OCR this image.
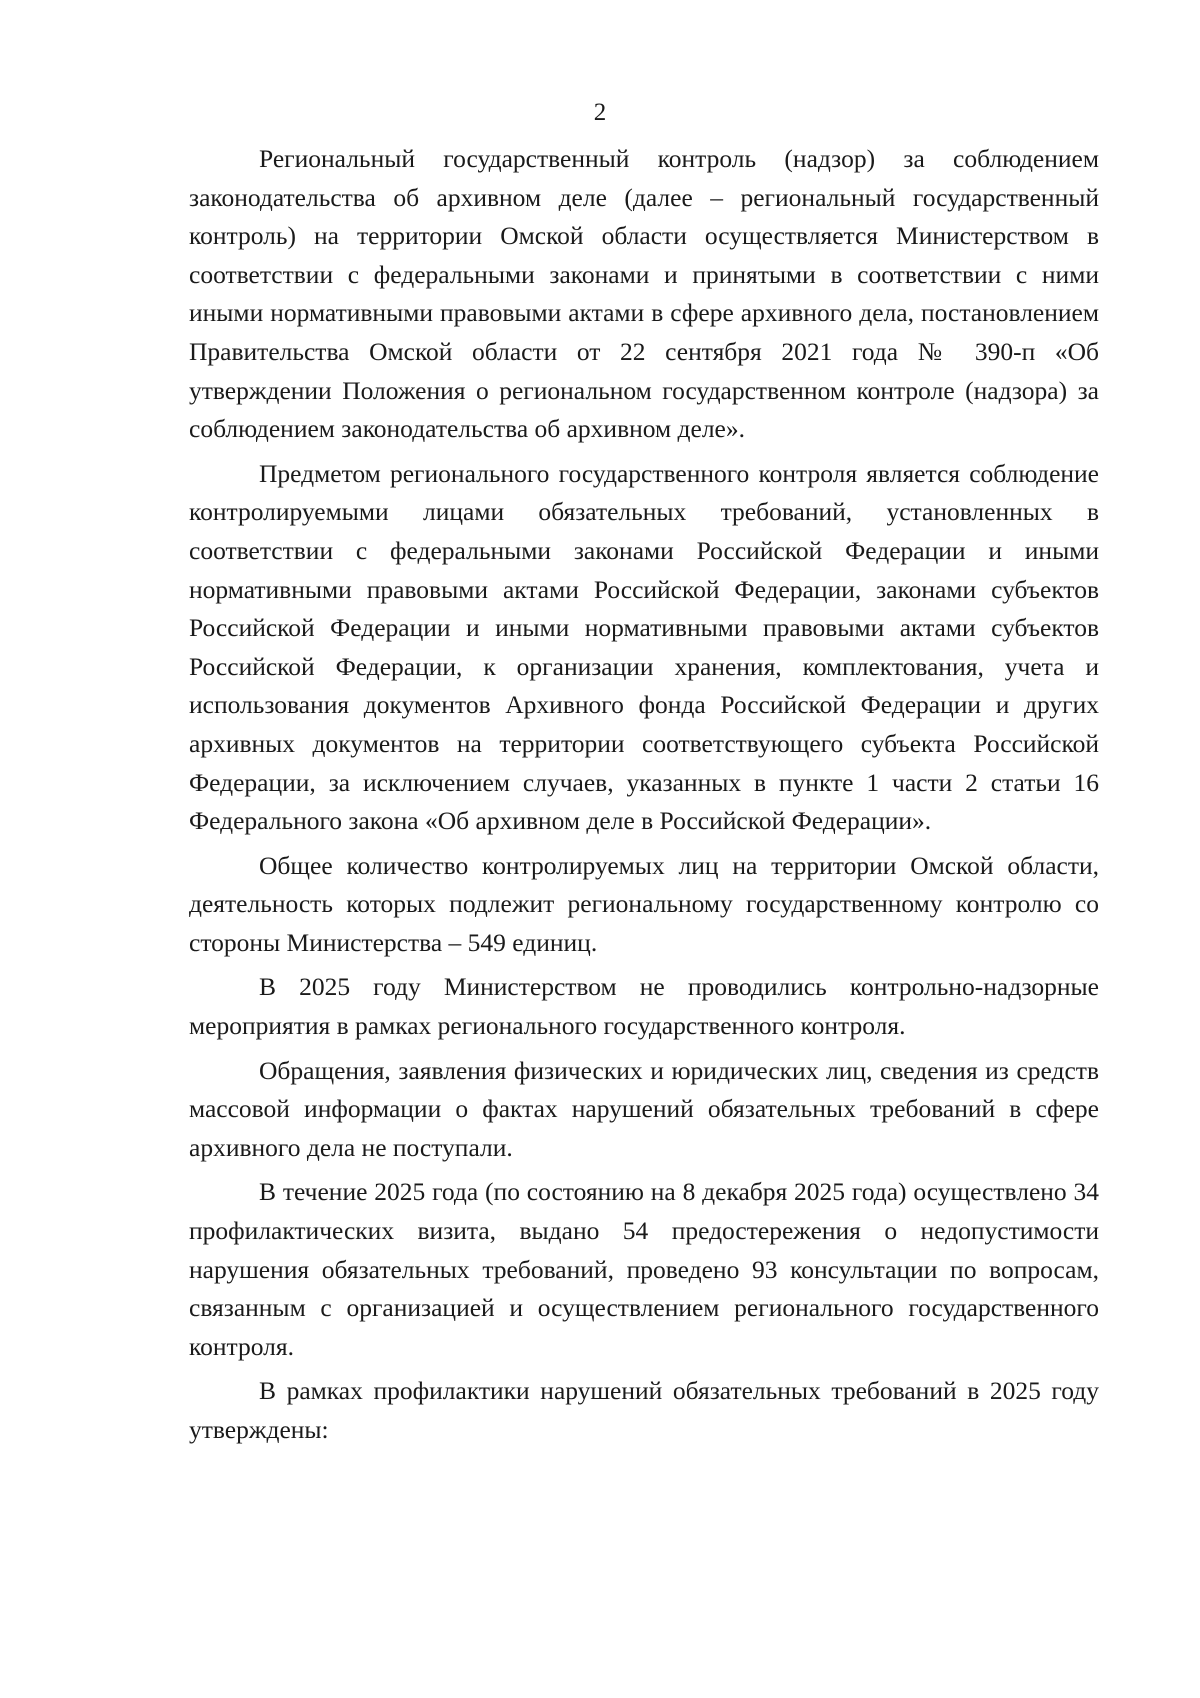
2

Региональный государственный контроль (надзор) за соблюдением законодательства об архивном деле (далее – региональный государственный контроль) на территории Омской области осуществляется Министерством в соответствии с федеральными законами и принятыми в соответствии с ними иными нормативными правовыми актами в сфере архивного дела, постановлением Правительства Омской области от 22 сентября 2021 года № 390-п «Об утверждении Положения о региональном государственном контроле (надзора) за соблюдением законодательства об архивном деле».

Предметом регионального государственного контроля является соблюдение контролируемыми лицами обязательных требований, установленных в соответствии с федеральными законами Российской Федерации и иными нормативными правовыми актами Российской Федерации, законами субъектов Российской Федерации и иными нормативными правовыми актами субъектов Российской Федерации, к организации хранения, комплектования, учета и использования документов Архивного фонда Российской Федерации и других архивных документов на территории соответствующего субъекта Российской Федерации, за исключением случаев, указанных в пункте 1 части 2 статьи 16 Федерального закона «Об архивном деле в Российской Федерации».

Общее количество контролируемых лиц на территории Омской области, деятельность которых подлежит региональному государственному контролю со стороны Министерства – 549 единиц.

В 2025 году Министерством не проводились контрольно-надзорные мероприятия в рамках регионального государственного контроля.

Обращения, заявления физических и юридических лиц, сведения из средств массовой информации о фактах нарушений обязательных требований в сфере архивного дела не поступали.

В течение 2025 года (по состоянию на 8 декабря 2025 года) осуществлено 34 профилактических визита, выдано 54 предостережения о недопустимости нарушения обязательных требований, проведено 93 консультации по вопросам, связанным с организацией и осуществлением регионального государственного контроля.

В рамках профилактики нарушений обязательных требований в 2025 году утверждены:
